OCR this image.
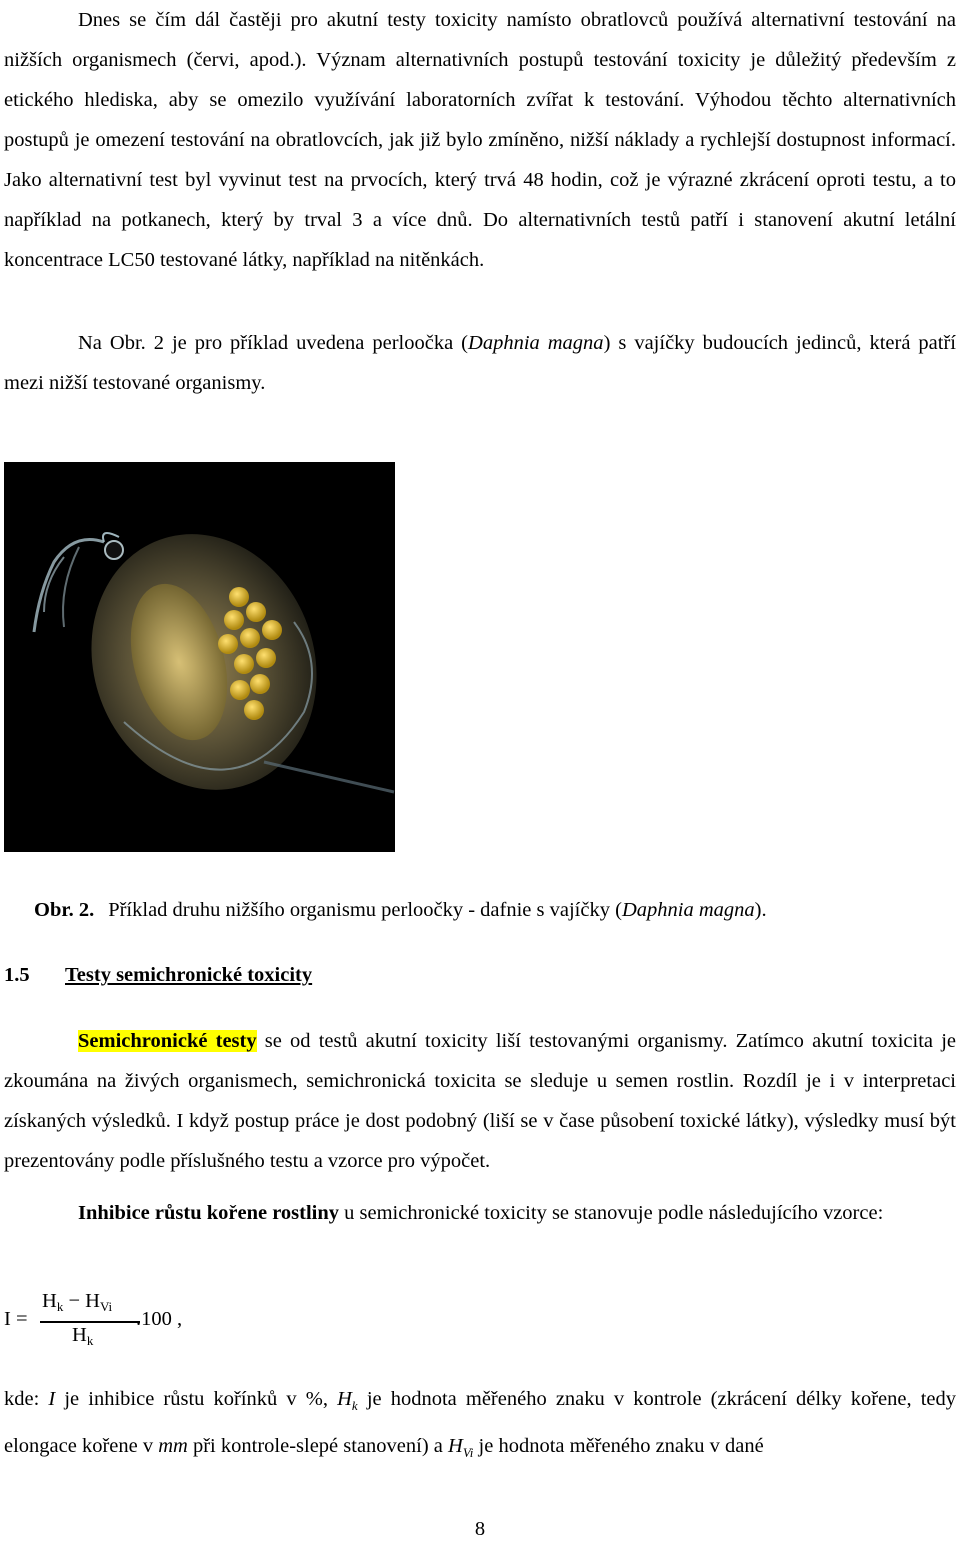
Dnes se čím dál častěji pro akutní testy toxicity namísto obratlovců používá alternativní testování na nižších organismech (červi, apod.). Význam alternativních postupů testování toxicity je důležitý především z etického hlediska, aby se omezilo využívání laboratorních zvířat k testování. Výhodou těchto alternativních postupů je omezení testování na obratlovcích, jak již bylo zmíněno, nižší náklady a rychlejší dostupnost informací. Jako alternativní test byl vyvinut test na prvocích, který trvá 48 hodin, což je výrazné zkrácení oproti testu, a to například na potkanech, který by trval 3 a více dnů. Do alternativních testů patří i stanovení akutní letální koncentrace LC50 testované látky, například na nitěnkách.

Na Obr. 2 je pro příklad uvedena perloočka (Daphnia magna) s vajíčky budoucích jedinců, která patří mezi nižší testované organismy.

Obr. 2. Příklad druhu nižšího organismu perloočky - dafnie s vajíčky (Daphnia magna).
1.5 Testy semichronické toxicity

Semichronické testy se od testů akutní toxicity liší testovanými organismy. Zatímco akutní toxicita je zkoumána na živých organismech, semichronická toxicita se sleduje u semen rostlin. Rozdíl je i v interpretaci získaných výsledků. I když postup práce je dost podobný (liší se v čase působení toxické látky), výsledky musí být prezentovány podle příslušného testu a vzorce pro výpočet.

Inhibice růstu kořene rostliny u semichronické toxicity se stanovuje podle následujícího vzorce:

I =
$H_k - H_{Vi}$
$H_k$
.100 ,

kde: I je inhibice růstu kořínků v %, $H_k$ je hodnota měřeného znaku v kontrole (zkrácení délky kořene, tedy elongace kořene v mm při kontrole-slepé stanovení) a $H_{Vi}$ je hodnota měřeného znaku v dané

8
